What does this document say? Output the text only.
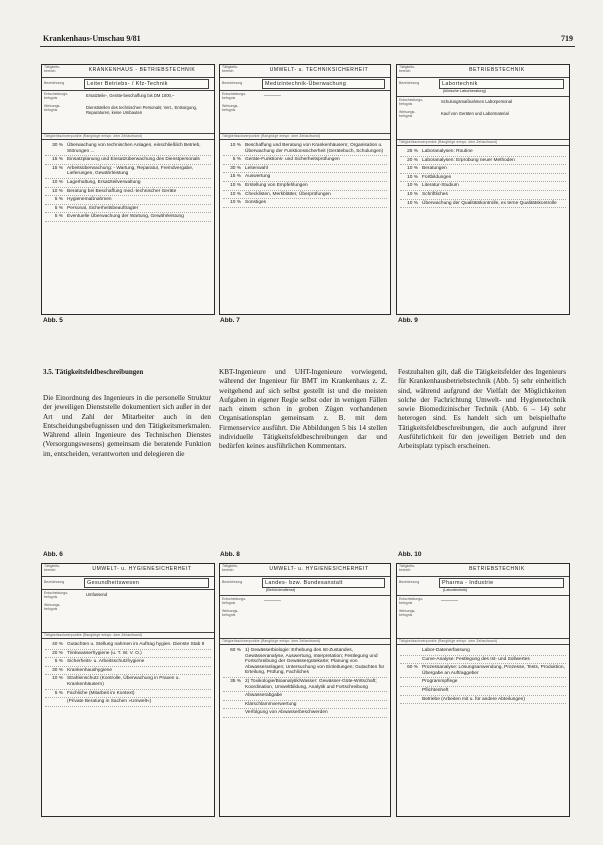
Krankenhaus-Umschau 9/81	719
Tätigkeits-
bereich	KRANKENHAUS - BETRIEBSTECHNIK
Bezeichnung	Leiter Betriebs- / Kfz-Technik
Entscheidungs-
befugnis	Ersatzteile-, Geräte-beschaffung bis DM 1000,–
Weisungs-
befugnis	Dienststellen des technischen Personals; Vert., Entsorgung, Reparaturen, keine Umbauten
Tätigkeitsschwerpunkte (Rangfolge entspr. dem Zeitaufwand)
30 % Überwachung von technischen Anlagen, einschließlich Betrieb, Störungen ...
15 % Einsatzplanung und Einsatzüberwachung des Dienstpersonals
15 % Arbeitsüberwachung: - Wartung, Reparatur, Fremdvergabe, Lieferungen, Gewährleistung
10 % Lagerhaltung, Ersatzteilverwaltung
10 % Beratung bei Beschaffung med.-technischer Geräte
5 % Hygienemaßnahmen
5 % Personal, Sicherheitsbeauftragter
5 % Eventuelle Überwachung der Wartung, Gewährleistung
Abb. 5
Tätigkeits-
bereich	UMWELT- u. TECHNIKSICHERHEIT
Bezeichnung	Medizintechnik-Überwachung
Entscheidungs-
befugnis	————
Weisungs-
befugnis
Tätigkeitsschwerpunkte (Rangfolge entspr. dem Zeitaufwand)
10 % Beschaffung und Beratung von Krankenhäusern; Organisation u. Überwachung der Funktionssicherheit (Gerätebuch, Schulungen)
5 % Geräte-Funktions- und Sicherheitsprüfungen
30 % Leitenwahl
15 % Auswertung
10 % Erstellung von Empfehlungen
10 % Checklisten, Merkblätter, Überprüfungen
10 % Sonstiges
Abb. 7
Tätigkeits-
bereich	BETRIEBSTECHNIK
Bezeichnung	Labortechnik
(klinische Laborberatung)
Entscheidungs-
befugnis	Schulungsmaßnahmen Laborpersonal
Weisungs-
befugnis	Kauf von Geräten und Labormaterial
Tätigkeitsschwerpunkte (Rangfolge entspr. dem Zeitaufwand)
25 % Laboranalysen: Routine
20 % Laboranalysen: Erprobung neuer Methoden
10 % Beratungen
10 % Fortbildungen
10 % Literatur-Studium
10 % Schriftliches
10 % Überwachung der Qualitätskontrolle, ex terne Qualitätskontrolle
Abb. 9
3.5. Tätigkeitsfeldbeschreibungen
Die Einordnung des Ingenieurs in die personelle Struktur der jeweiligen Dienststelle dokumentiert sich außer in der Art und Zahl der Mitarbeiter auch in den Entscheidungsbefugnissen und den Tätigkeitsmerkmalen. Während allein Ingenieure des Technischen Dienstes (Versorgungswesens) gemeinsam die beratende Funktion im, entscheiden, verantworten und delegieren die
KBT-Ingenieure und UHT-Ingenieure vorwiegend, während der Ingenieur für BMT im Krankenhaus z. Z. weitgehend auf sich selbst gestellt ist und die meisten Aufgaben in eigener Regie selbst oder in wenigen Fällen nach einem schon in groben Zügen vorhandenen Organisationsplan gemeinsam z. B. mit dem Firmenservice ausführt. Die Abbildungen 5 bis 14 stellen individuelle Tätigkeitsfeldbeschreibungen dar und bedürfen keines ausführlichen Kommentars.
Festzuhalten gilt, daß die Tätigkeitsfelder des Ingenieurs für Krankenhausbetriebstechnik (Abb. 5) sehr einheitlich sind, während aufgrund der Vielfalt der Möglichkeiten solche der Fachrichtung Umwelt- und Hygienetechnik sowie Biomedizinischer Technik (Abb. 6 – 14) sehr heterogen sind. Es handelt sich um beispielhafte Tätigkeitsfeldbeschreibungen, die auch aufgrund ihrer Ausführlichkeit für den jeweiligen Betrieb und den Arbeitsplatz typisch erscheinen.
Abb. 6
Tätigkeits-
bereich	UMWELT- u. HYGIENESICHERHEIT
Bezeichnung	Gesundheitswesen
Entscheidungs-
befugnis	Umfassend
Weisungs-
befugnis
Tätigkeitsschwerpunkte (Rangfolge entspr. dem Zeitaufwand)
40 % Gutachten u. Stellung nahmen im Auftrag hygien. Dienste Stab 9
20 % Trinkwasserhygiene (u. T. W. V. O.)
5 % Sicherheits- u. Arbeitsschutzhygiene
30 % Krankenhaushygiene
10 % Strahlenschutz (Kontrolle, Überwachung in Praxen u. Krankenhäusern)
5 % Fachliche (Mitarbeit im Kontext)
(Private Beratung in Sachen »Umwelt«)
Abb. 8
Tätigkeits-
bereich	UMWELT- u. HYGIENESICHERHEIT
Bezeichnung	Landes- bzw. Bundesanstalt
(Behördendienst)
Entscheidungs-
befugnis	————
Weisungs-
befugnis
Tätigkeitsschwerpunkte (Rangfolge entspr. dem Zeitaufwand)
60 % 1) Gewässerbiologie: Erhebung des Ist-Zustandes, Gewässeranalyse, Auswertung, Interpretation; Festlegung und Fortschreibung der Gewässergütekarte; Planung von Abwasseranlagen; Untersuchung von Einleitungen; Gutachten für Erteilung, Prüfung, Fachliches
35 % 2) Toxikologie/Bioanalytik/Wasser: Gewässer-Güte-Wirtschaft; Koordination, Umweltbildung, Analytik und Fortschreibung
Abwasserabgabe
Klärschlammverwertung
Verfolgung von Abwasserbeschwerden
Abb. 10
Tätigkeits-
bereich	BETRIEBSTECHNIK
Bezeichnung	Pharma - Industrie
(Labortechnik)
Entscheidungs-
befugnis	————
Weisungs-
befugnis
Tätigkeitsschwerpunkte (Rangfolge entspr. dem Zeitaufwand)
Labor-Datenerfassung
Curve-Analyse: Festlegung des Ist- und Sollwertes
60 % Prozessanalyse: Lösungsanwendung, Prozesse, Tests, Produktion, Übergabe an Auftraggeber
Programmpflege
Pflichtenheft
Betriebe (Arbeiten mit u. für andere Abteilungen)
